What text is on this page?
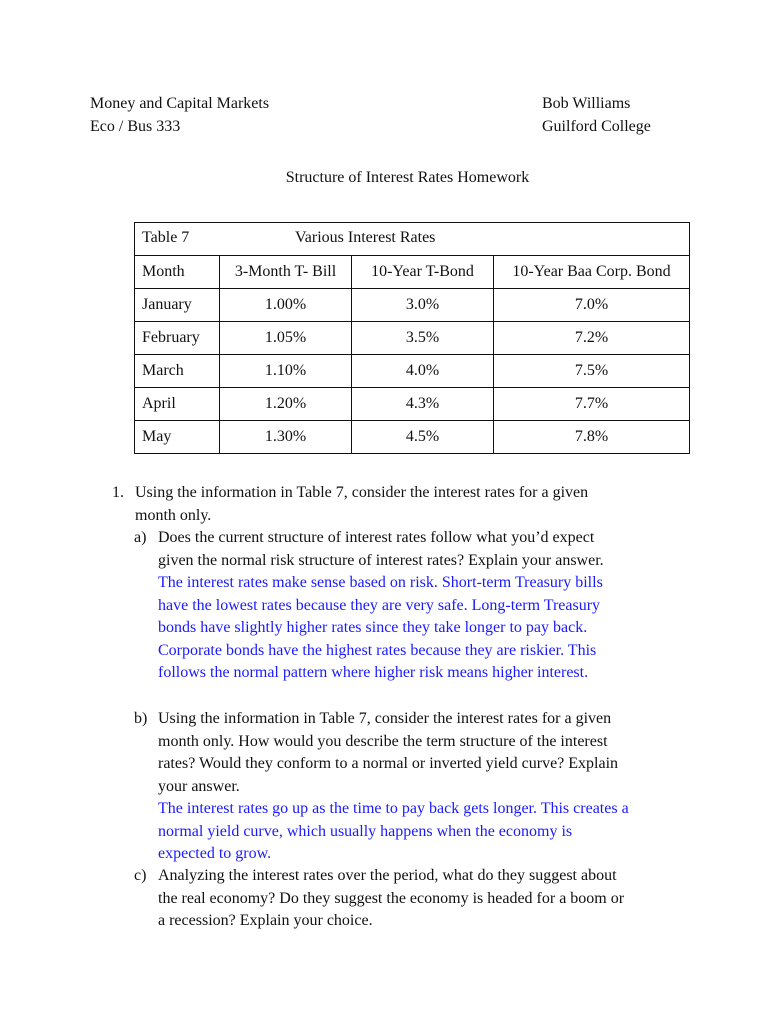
Money and Capital Markets
Eco / Bus 333
Bob Williams
Guilford College
Structure of Interest Rates Homework
Table 7 Various Interest Rates			

Month	3-Month T- Bill	10-Year T-Bond	10-Year Baa Corp. Bond
January	1.00%	3.0%	7.0%
February	1.05%	3.5%	7.2%
March	1.10%	4.0%	7.5%
April	1.20%	4.3%	7.7%
May	1.30%	4.5%	7.8%
1. Using the information in Table 7, consider the interest rates for a given
month only.
a) Does the current structure of interest rates follow what you’d expect
given the normal risk structure of interest rates? Explain your answer.
The interest rates make sense based on risk. Short-term Treasury bills
have the lowest rates because they are very safe. Long-term Treasury
bonds have slightly higher rates since they take longer to pay back.
Corporate bonds have the highest rates because they are riskier. This
follows the normal pattern where higher risk means higher interest.
b) Using the information in Table 7, consider the interest rates for a given
month only. How would you describe the term structure of the interest
rates? Would they conform to a normal or inverted yield curve? Explain
your answer.
The interest rates go up as the time to pay back gets longer. This creates a
normal yield curve, which usually happens when the economy is
expected to grow.
c) Analyzing the interest rates over the period, what do they suggest about
the real economy? Do they suggest the economy is headed for a boom or
a recession? Explain your choice.
